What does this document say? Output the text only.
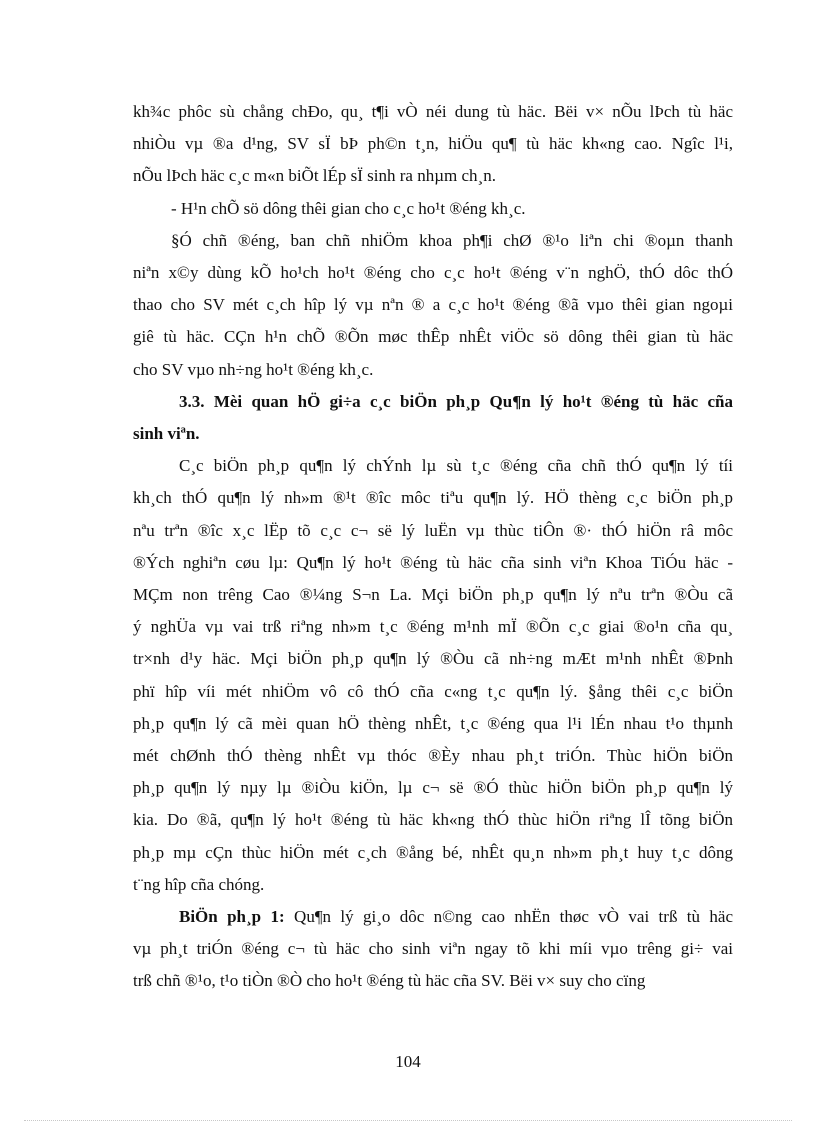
kh¾c phôc sù chång chÐo, qu¸ t¶i vÒ néi dung tù häc. Bëi v× nÕu lÞch tù häc

nhiÒu vµ ®a d¹ng, SV sÏ bÞ ph©n t¸n, hiÖu qu¶ tù häc kh«ng cao. Ngîc l¹i,

nÕu lÞch häc c¸c m«n biÕt lÉp sÏ sinh ra nhµm ch¸n.

- H¹n chÕ sö dông thêi gian cho c¸c ho¹t ®éng kh¸c.

§Ó chñ ®éng, ban chñ nhiÖm khoa ph¶i chØ ®¹o liªn chi ®oµn thanh

niªn x©y dùng kÕ ho¹ch ho¹t ®éng cho c¸c ho¹t ®éng v¨n nghÖ, thÓ dôc thÓ

thao cho SV mét c¸ch hîp lý vµ nªn ® a c¸c ho¹t ®éng ®ã vµo thêi gian ngoµi

giê tù häc. CÇn h¹n chÕ ®Õn møc thÊp nhÊt viÖc sö dông thêi gian tù häc

cho SV vµo nh÷ng ho¹t ®éng kh¸c.

3.3. Mèi quan hÖ gi÷a c¸c biÖn ph¸p Qu¶n lý ho¹t ®éng tù häc cña

sinh viªn.

C¸c biÖn ph¸p qu¶n lý chÝnh lµ sù t¸c ®éng cña chñ thÓ qu¶n lý tíi

kh¸ch thÓ qu¶n lý nh»m ®¹t ®îc môc tiªu qu¶n lý. HÖ thèng c¸c biÖn ph¸p

nªu trªn ®îc x¸c lËp tõ c¸c c¬ së lý luËn vµ thùc tiÔn ®· thÓ hiÖn râ môc

®Ých nghiªn cøu lµ: Qu¶n lý ho¹t ®éng tù häc cña sinh viªn Khoa TiÓu häc -

MÇm non trêng Cao ®¼ng S¬n La. Mçi biÖn ph¸p qu¶n lý nªu trªn ®Òu cã

ý nghÜa vµ vai trß riªng nh»m t¸c ®éng m¹nh mÏ ®Õn c¸c giai ®o¹n cña qu¸

tr×nh d¹y häc. Mçi biÖn ph¸p qu¶n lý ®Òu cã nh÷ng mÆt m¹nh nhÊt ®Þnh

phï hîp víi mét nhiÖm vô cô thÓ cña c«ng t¸c qu¶n lý. §ång thêi c¸c biÖn

ph¸p qu¶n lý cã mèi quan hÖ thèng nhÊt, t¸c ®éng qua l¹i lÉn nhau t¹o thµnh

mét chØnh thÓ thèng nhÊt vµ thóc ®Èy nhau ph¸t triÓn. Thùc hiÖn biÖn

ph¸p qu¶n lý nµy lµ ®iÒu kiÖn, lµ c¬ së ®Ó thùc hiÖn biÖn ph¸p qu¶n lý

kia. Do ®ã, qu¶n lý ho¹t ®éng tù häc kh«ng thÓ thùc hiÖn riªng lÎ tõng biÖn

ph¸p mµ cÇn thùc hiÖn mét c¸ch ®ång bé, nhÊt qu¸n nh»m ph¸t huy t¸c dông

t¨ng hîp cña chóng.

BiÖn ph¸p 1: Qu¶n lý gi¸o dôc n©ng cao nhËn thøc vÒ vai trß tù häc

vµ ph¸t triÓn ®éng c¬ tù häc cho sinh viªn ngay tõ khi míi vµo trêng gi÷ vai

trß chñ ®¹o, t¹o tiÒn ®Ò cho ho¹t ®éng tù häc cña SV. Bëi v× suy cho cïng

104
